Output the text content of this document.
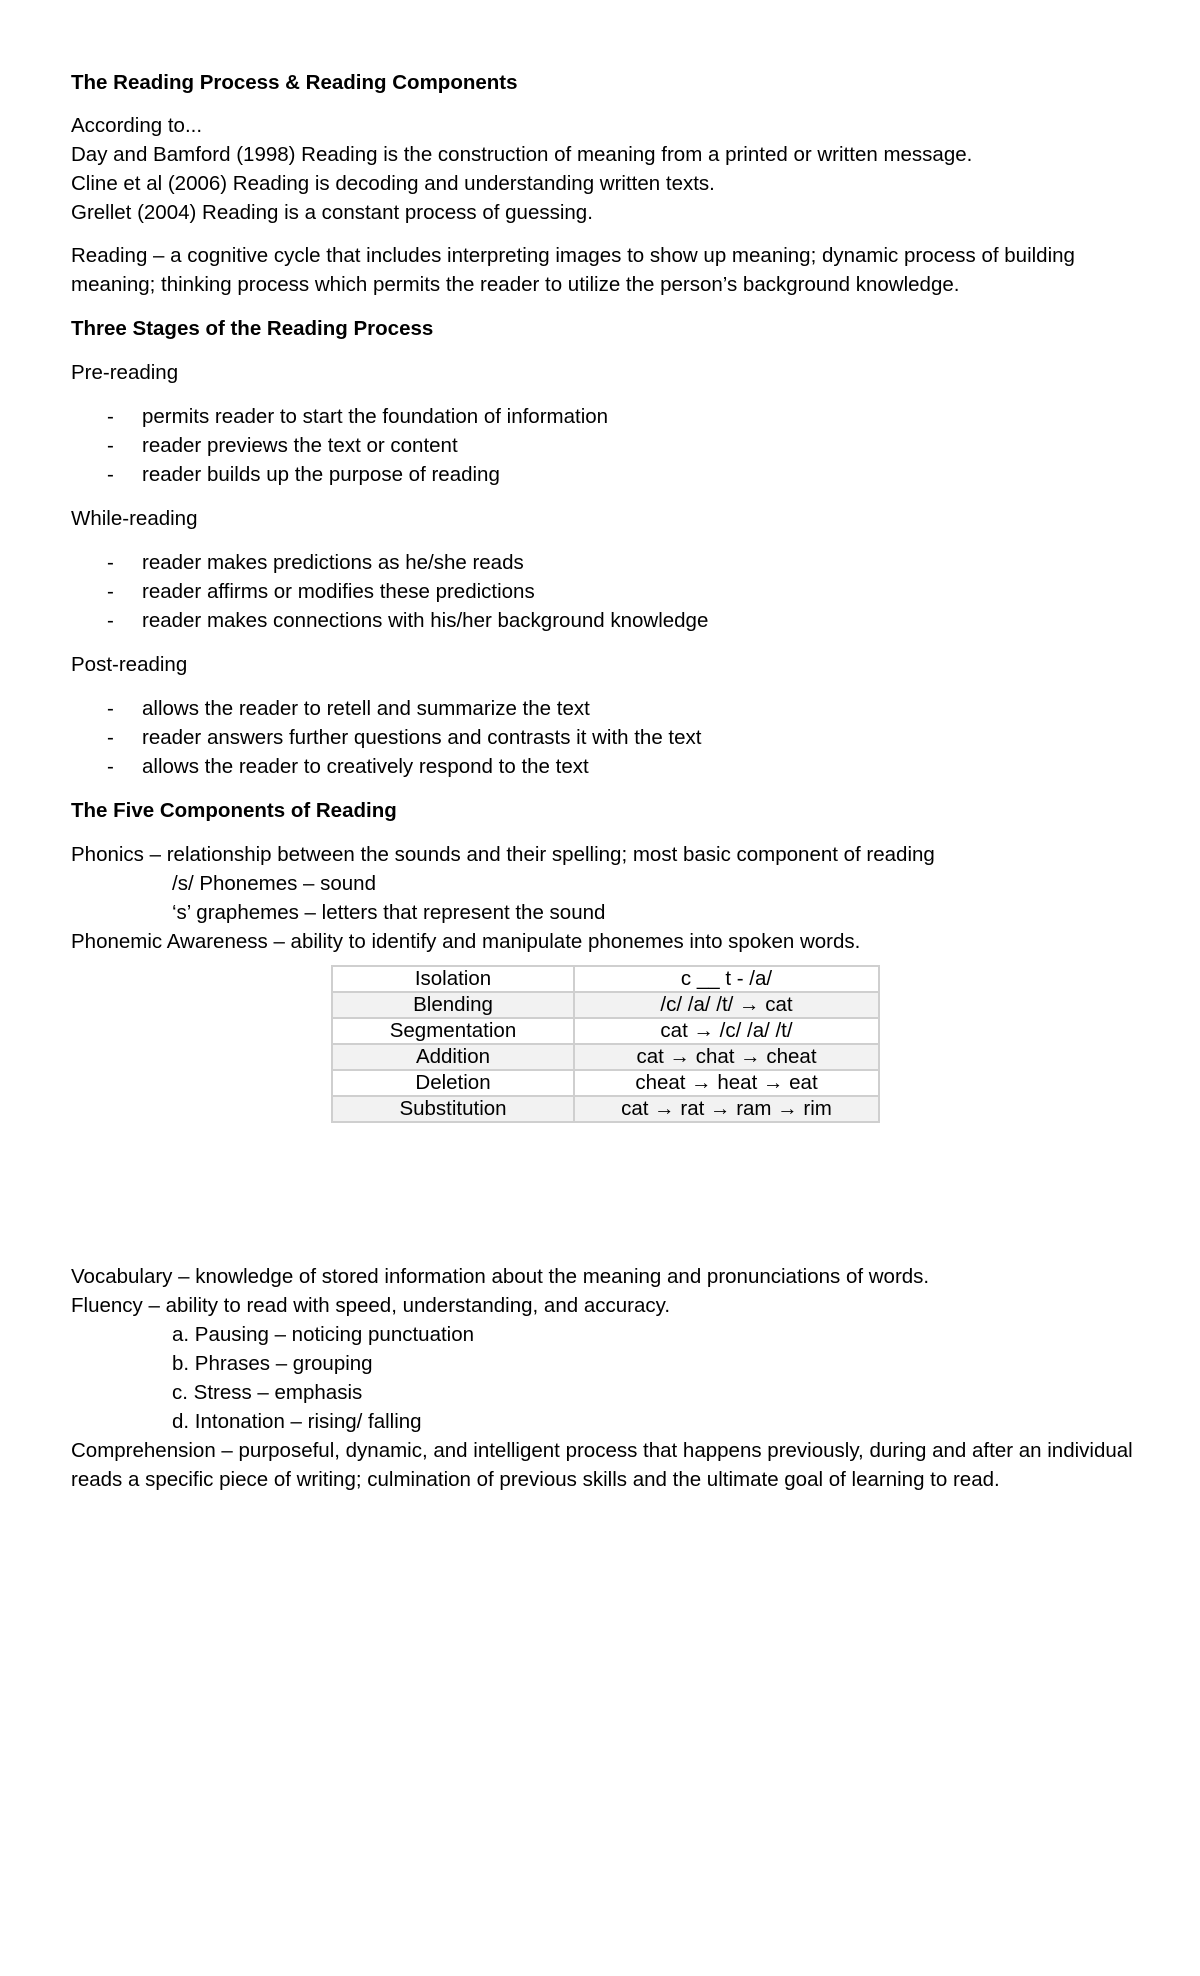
The Reading Process & Reading Components

According to...

Day and Bamford (1998) Reading is the construction of meaning from a printed or written message.

Cline et al (2006) Reading is decoding and understanding written texts.

Grellet (2004) Reading is a constant process of guessing.

Reading – a cognitive cycle that includes interpreting images to show up meaning; dynamic process of building meaning; thinking process which permits the reader to utilize the person’s background knowledge.

Three Stages of the Reading Process

Pre-reading

- permits reader to start the foundation of information
- reader previews the text or content
- reader builds up the purpose of reading

While-reading

- reader makes predictions as he/she reads
- reader affirms or modifies these predictions
- reader makes connections with his/her background knowledge

Post-reading

- allows the reader to retell and summarize the text
- reader answers further questions and contrasts it with the text
- allows the reader to creatively respond to the text

The Five Components of Reading

Phonics – relationship between the sounds and their spelling; most basic component of reading

/s/ Phonemes – sound

‘s’ graphemes – letters that represent the sound

Phonemic Awareness – ability to identify and manipulate phonemes into spoken words.

Isolation	c __ t - /a/
Blending	/c/ /a/ /t/ → cat
Segmentation	cat → /c/ /a/ /t/
Addition	cat → chat → cheat
Deletion	cheat → heat → eat
Substitution	cat → rat → ram → rim

Vocabulary – knowledge of stored information about the meaning and pronunciations of words.

Fluency – ability to read with speed, understanding, and accuracy.

a. Pausing – noticing punctuation

b. Phrases – grouping

c. Stress – emphasis

d. Intonation – rising/ falling

Comprehension – purposeful, dynamic, and intelligent process that happens previously, during and after an individual reads a specific piece of writing; culmination of previous skills and the ultimate goal of learning to read.
